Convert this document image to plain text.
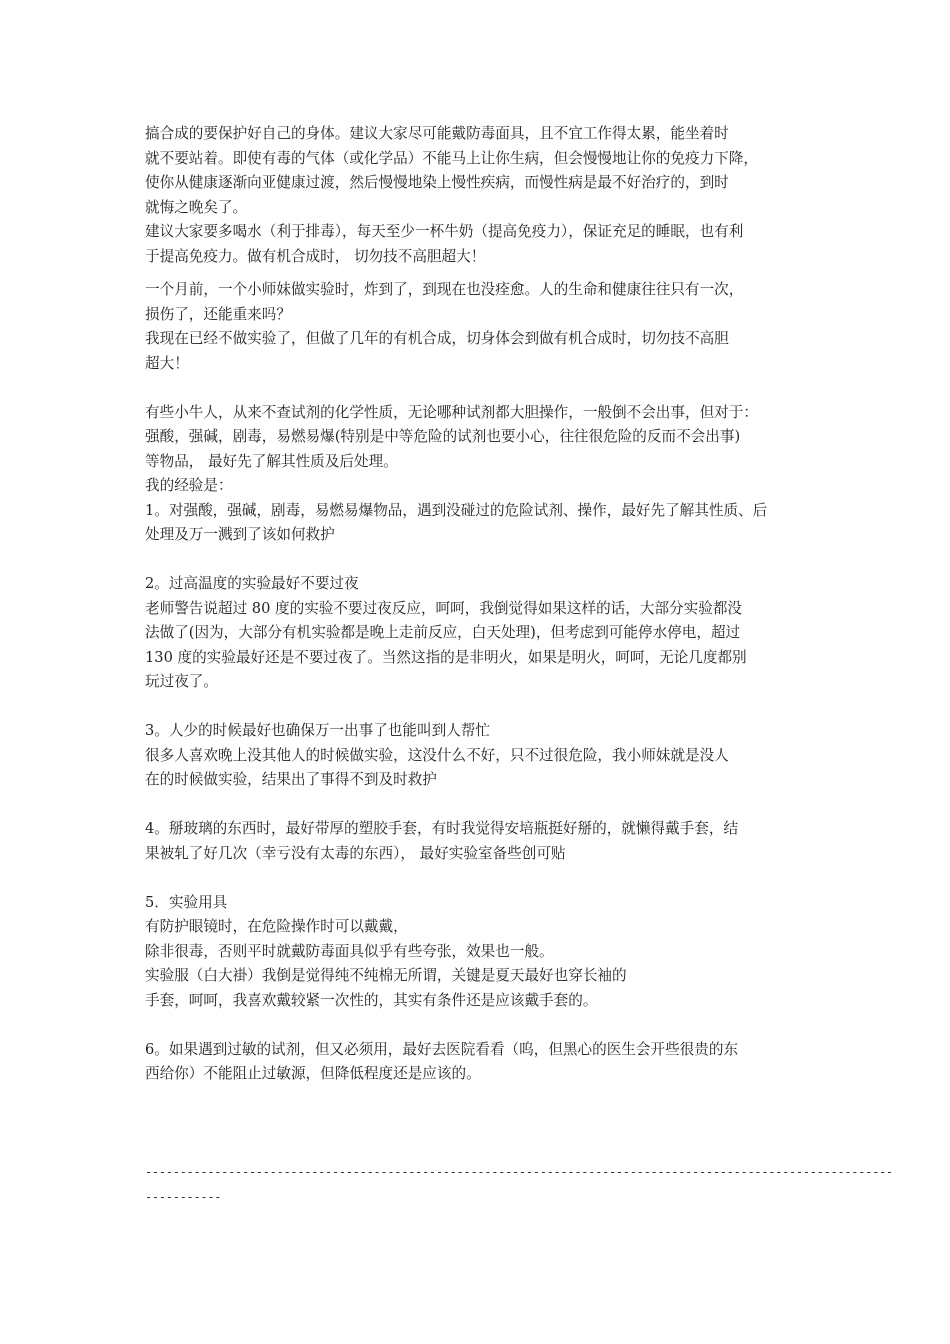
搞合成的要保护好自己的身体。建议大家尽可能戴防毒面具，且不宜工作得太累，能坐着时
就不要站着。即使有毒的气体（或化学品）不能马上让你生病，但会慢慢地让你的免疫力下降，
使你从健康逐渐向亚健康过渡，然后慢慢地染上慢性疾病，而慢性病是最不好治疗的，到时
就悔之晚矣了。
建议大家要多喝水（利于排毒），每天至少一杯牛奶（提高免疫力），保证充足的睡眠，也有利
于提高免疫力。做有机合成时， 切勿技不高胆超大！
一个月前，一个小师妹做实验时，炸到了，到现在也没痊愈。人的生命和健康往往只有一次，
损伤了，还能重来吗？
我现在已经不做实验了，但做了几年的有机合成，切身体会到做有机合成时，切勿技不高胆
超大！
有些小牛人，从来不查试剂的化学性质，无论哪种试剂都大胆操作，一般倒不会出事，但对于：
强酸，强碱，剧毒，易燃易爆(特别是中等危险的试剂也要小心，往往很危险的反而不会出事)
等物品， 最好先了解其性质及后处理。
我的经验是：
1。对强酸，强碱，剧毒，易燃易爆物品，遇到没碰过的危险试剂、操作，最好先了解其性质、后
处理及万一溅到了该如何救护
2。过高温度的实验最好不要过夜
老师警告说超过 80 度的实验不要过夜反应，呵呵，我倒觉得如果这样的话，大部分实验都没
法做了(因为，大部分有机实验都是晚上走前反应，白天处理)，但考虑到可能停水停电，超过
130 度的实验最好还是不要过夜了。当然这指的是非明火，如果是明火，呵呵，无论几度都别
玩过夜了。
3。人少的时候最好也确保万一出事了也能叫到人帮忙
很多人喜欢晚上没其他人的时候做实验，这没什么不好，只不过很危险，我小师妹就是没人
在的时候做实验，结果出了事得不到及时救护
4。掰玻璃的东西时，最好带厚的塑胶手套，有时我觉得安培瓶挺好掰的，就懒得戴手套，结
果被轧了好几次（幸亏没有太毒的东西）， 最好实验室备些创可贴
5．实验用具
有防护眼镜时，在危险操作时可以戴戴，
除非很毒，否则平时就戴防毒面具似乎有些夸张，效果也一般。
实验服（白大褂）我倒是觉得纯不纯棉无所谓，关键是夏天最好也穿长袖的
手套，呵呵，我喜欢戴较紧一次性的，其实有条件还是应该戴手套的。
6。如果遇到过敏的试剂，但又必须用，最好去医院看看（呜，但黑心的医生会开些很贵的东
西给你）不能阻止过敏源，但降低程度还是应该的。
------------------------------------------------------------------------------------------------------------
-----------
